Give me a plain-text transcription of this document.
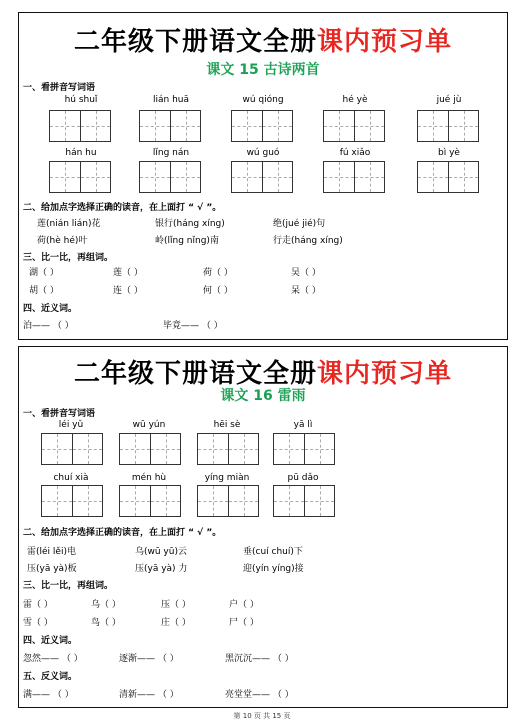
二年级下册语文全册课内预习单
课文 15 古诗两首
一、看拼音写词语
hú shuǐ	lián huā	wú qióng	hé yè	jué jù
hán hu	lǐng nán	wú guó	fú xiǎo	bì yè
二、给加点字选择正确的读音，在上面打 “ √ ”。
莲(nián lián)花	银行(háng xíng)	绝(jué jié)句
荷(hè hé)叶	岭(lǐng nǐng)南	行走(háng xíng)
三、比一比，再组词。
湖（ ）	莲（ ）	荷（ ）	吴（ ）
胡（ ）	连（ ）	何（ ）	呆（ ）
四、近义词。
泊—— （ ）	毕竟—— （ ）
二年级下册语文全册课内预习单
课文 16 雷雨
一、看拼音写词语
léi yǔ	wū yún	hēi sè	yā lì
chuí xià	mén hù	yíng miàn	pū dǎo
二、给加点字选择正确的读音，在上面打 “ √ ”。
雷(léi lěi)电	乌(wū yū)云	垂(cuí chuí)下
压(yā yà)板	压(yā yà) 力	迎(yín yíng)接
三、比一比，再组词。
雷（ ）	乌（ ）	压（ ）	户（ ）
雪（ ）	鸟（ ）	庄（ ）	尸（ ）
四、近义词。
忽然—— （ ）	逐渐—— （ ）	黑沉沉—— （ ）
五、反义词。
满—— （ ）	清新—— （ ）	亮堂堂—— （ ）
第 10 页 共 15 页
